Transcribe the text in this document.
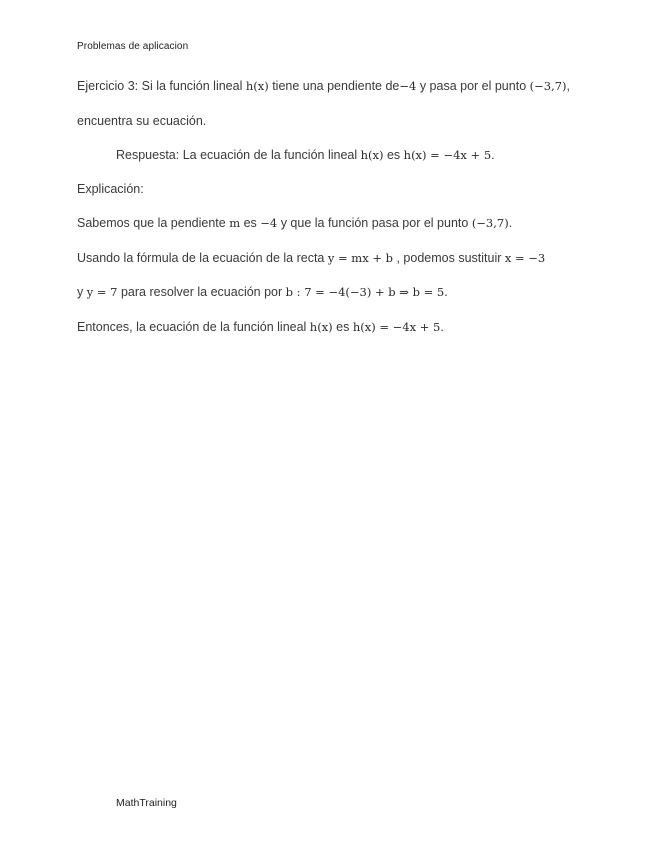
Problemas de aplicacion
Ejercicio 3: Si la función lineal h(x) tiene una pendiente de−4 y pasa por el punto (−3,7),
encuentra su ecuación.
Respuesta: La ecuación de la función lineal h(x) es h(x) = −4x + 5.
Explicación:
Sabemos que la pendiente m es −4 y que la función pasa por el punto (−3,7).
Usando la fórmula de la ecuación de la recta y = mx + b , podemos sustituir x = −3
y y = 7 para resolver la ecuación por b : 7 = −4(−3) + b ⇒ b = 5.
Entonces, la ecuación de la función lineal h(x) es h(x) = −4x + 5.
MathTraining
